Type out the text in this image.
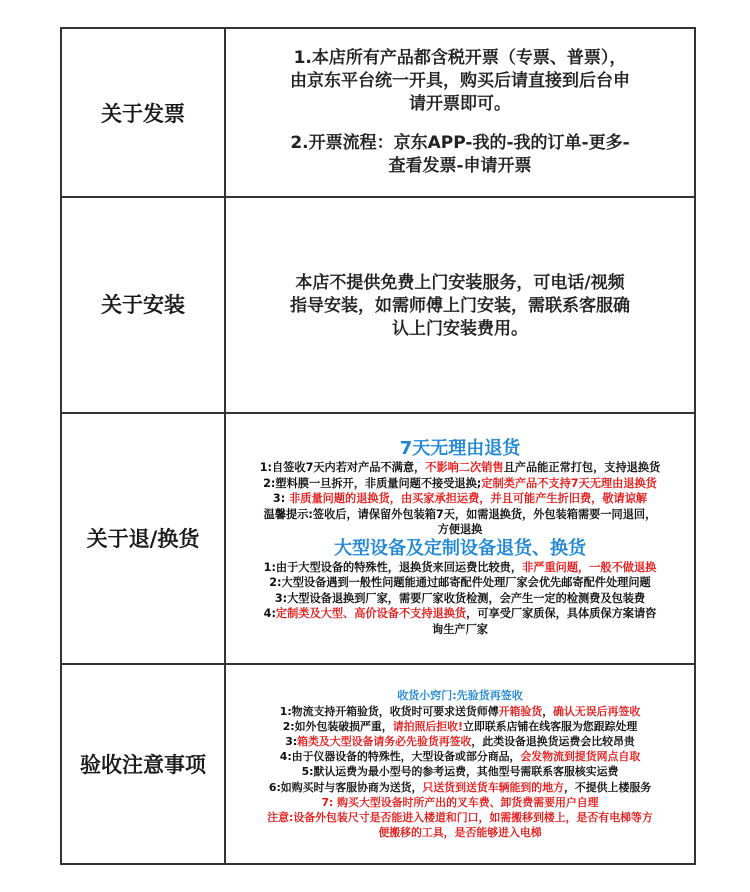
关于发票
1.本店所有产品都含税开票（专票、普票），
由京东平台统一开具，购买后请直接到后台申
请开票即可。
2.开票流程：京东APP-我的-我的订单-更多-
查看发票-申请开票
关于安装
本店不提供免费上门安装服务，可电话/视频
指导安装，如需师傅上门安装，需联系客服确
认上门安装费用。
关于退/换货
7天无理由退货
1:自签收7天内若对产品不满意，不影响二次销售且产品能正常打包，支持退换货
2:塑料膜一旦拆开，非质量问题不接受退换;定制类产品不支持7天无理由退换货
3: 非质量问题的退换货，由买家承担运费，并且可能产生折旧费，敬请谅解
温馨提示:签收后，请保留外包装箱7天，如需退换货，外包装箱需要一同退回，
方便退换
大型设备及定制设备退货、换货
1:由于大型设备的特殊性，退换货来回运费比较贵，非严重问题，一般不做退换
2:大型设备遇到一般性问题能通过邮寄配件处理厂家会优先邮寄配件处理问题
3:大型设备退换到厂家，需要厂家收货检测，会产生一定的检测费及包装费
4:定制类及大型、高价设备不支持退换货，可享受厂家质保，具体质保方案请咨
询生产厂家
验收注意事项
收货小窍门:先验货再签收
1:物流支持开箱验货，收货时可要求送货师傅开箱验货，确认无误后再签收
2:如外包装破损严重，请拍照后拒收!立即联系店铺在线客服为您跟踪处理
3:箱类及大型设备请务必先验货再签收，此类设备退换货运费会比较昂贵
4:由于仪器设备的特殊性，大型设备或部分商品，会发物流到提货网点自取
5:默认运费为最小型号的参考运费，其他型号需联系客服核实运费
6:如购买时与客服协商为送货，只送货到送货车辆能到的地方，不提供上楼服务
7: 购买大型设备时所产出的叉车费、卸货费需要用户自理
注意:设备外包装尺寸是否能进入楼道和门口，如需搬移到楼上，是否有电梯等方
便搬移的工具，是否能够进入电梯
